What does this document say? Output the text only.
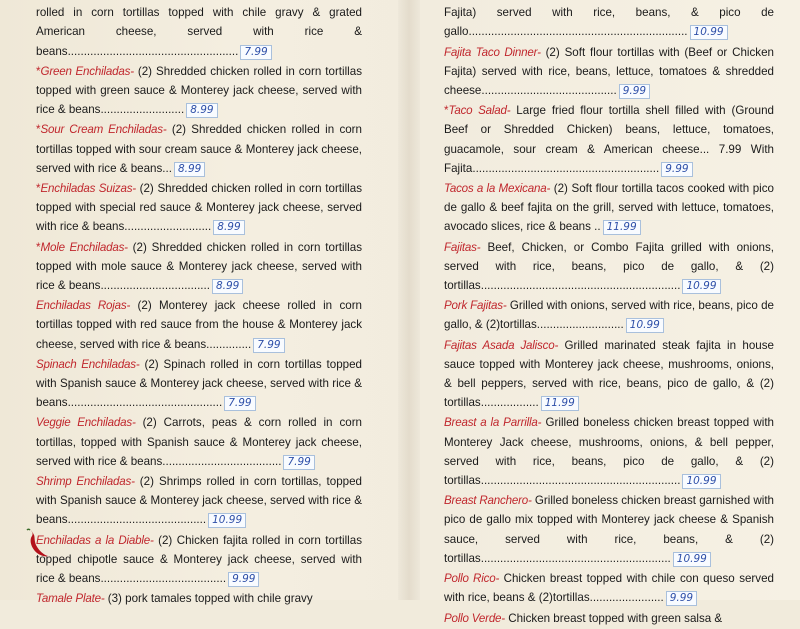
rolled in corn tortillas topped with chile gravy & grated American cheese, served with rice & beans..................................................... 7.99
*Green Enchiladas- (2) Shredded chicken rolled in corn tortillas topped with green sauce & Monterey jack cheese, served with rice & beans.......................... 8.99
*Sour Cream Enchiladas- (2) Shredded chicken rolled in corn tortillas topped with sour cream sauce & Monterey jack cheese, served with rice & beans... 8.99
*Enchiladas Suizas- (2) Shredded chicken rolled in corn tortillas topped with special red sauce & Monterey jack cheese, served with rice & beans........................... 8.99
*Mole Enchiladas- (2) Shredded chicken rolled in corn tortillas topped with mole sauce & Monterey jack cheese, served with rice & beans.................................. 8.99
Enchiladas Rojas- (2) Monterey jack cheese rolled in corn tortillas topped with red sauce from the house & Monterey jack cheese, served with rice & beans.............. 7.99
Spinach Enchiladas- (2) Spinach rolled in corn tortillas topped with Spanish sauce & Monterey jack cheese, served with rice & beans................................................ 7.99
Veggie Enchiladas- (2) Carrots, peas & corn rolled in corn tortillas, topped with Spanish sauce & Monterey jack cheese, served with rice & beans..................................... 7.99
Shrimp Enchiladas- (2) Shrimps rolled in corn tortillas, topped with Spanish sauce & Monterey jack cheese, served with rice & beans........................................... 10.99
Enchiladas a la Diable- (2) Chicken fajita rolled in corn tortillas topped chipotle sauce & Monterey jack cheese, served with rice & beans....................................... 9.99
Tamale Plate- (3) pork tamales topped with chile gravy
Fajita) served with rice, beans, & pico de gallo.................................................................... 10.99
Fajita Taco Dinner- (2) Soft flour tortillas with (Beef or Chicken Fajita) served with rice, beans, lettuce, tomatoes & shredded cheese.......................................... 9.99
*Taco Salad- Large fried flour tortilla shell filled with (Ground Beef or Shredded Chicken) beans, lettuce, tomatoes, guacamole, sour cream & American cheese... 7.99 With Fajita.......................................................... 9.99
Tacos a la Mexicana- (2) Soft flour tortilla tacos cooked with pico de gallo & beef fajita on the grill, served with lettuce, tomatoes, avocado slices, rice & beans .. 11.99
Fajitas- Beef, Chicken, or Combo Fajita grilled with onions, served with rice, beans, pico de gallo, & (2) tortillas.............................................................. 10.99
Pork Fajitas- Grilled with onions, served with rice, beans, pico de gallo, & (2)tortillas........................... 10.99
Fajitas Asada Jalisco- Grilled marinated steak fajita in house sauce topped with Monterey jack cheese, mushrooms, onions, & bell peppers, served with rice, beans, pico de gallo, & (2) tortillas.................. 11.99
Breast a la Parrilla- Grilled boneless chicken breast topped with Monterey Jack cheese, mushrooms, onions, & bell pepper, served with rice, beans, pico de gallo, & (2) tortillas.............................................................. 10.99
Breast Ranchero- Grilled boneless chicken breast garnished with pico de gallo mix topped with Monterey jack cheese & Spanish sauce, served with rice, beans, & (2) tortillas........................................................... 10.99
Pollo Rico- Chicken breast topped with chile con queso served with rice, beans & (2)tortillas....................... 9.99
Pollo Verde- Chicken breast topped with green salsa &
